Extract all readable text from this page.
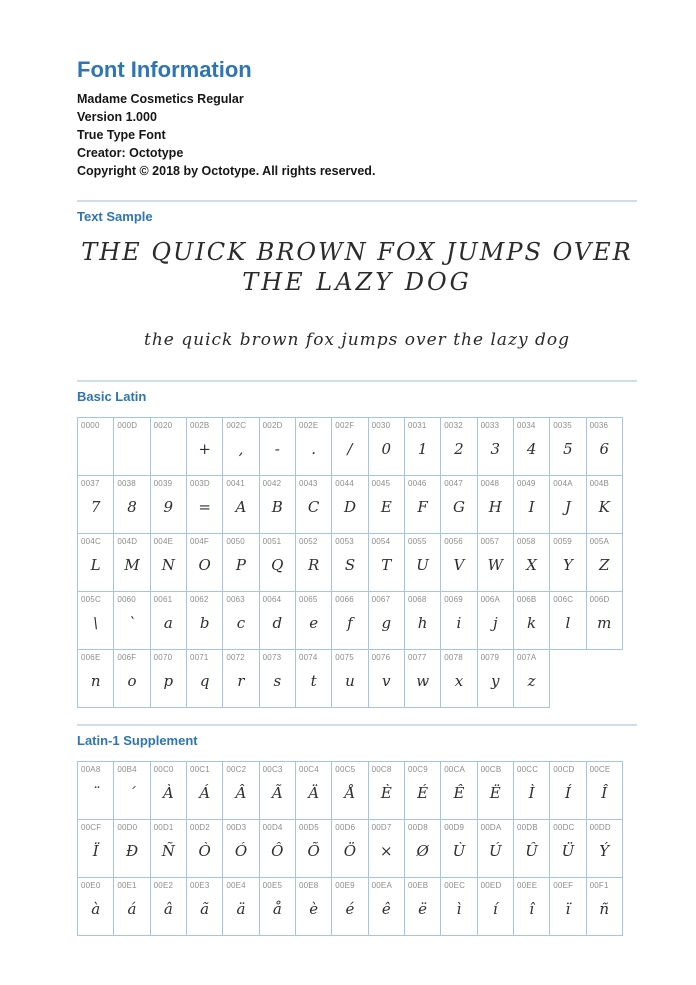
Font Information
Madame Cosmetics Regular
Version 1.000
True Type Font
Creator: Octotype
Copyright © 2018 by Octotype. All rights reserved.
Text Sample
THE QUICK BROWN FOX JUMPS OVER
THE LAZY DOG
the quick brown fox jumps over the lazy dog
Basic Latin
0000 000D 0020 002B
+
002C
,
002D
-
002E
.
002F
/
0030
0
0031
1
0032
2
0033
3
0034
4
0035
5
0036
6
0037
7
0038
8
0039
9
003D
=
0041
A
0042
B
0043
C
0044
D
0045
E
0046
F
0047
G
0048
H
0049
I
004A
J
004B
K
004C
L
004D
M
004E
N
004F
O
0050
P
0051
Q
0052
R
0053
S
0054
T
0055
U
0056
V
0057
W
0058
X
0059
Y
005A
Z
005C
\
0060
`
0061
a
0062
b
0063
c
0064
d
0065
e
0066
f
0067
g
0068
h
0069
i
006A
j
006B
k
006C
l
006D
m
006E
n
006F
o
0070
p
0071
q
0072
r
0073
s
0074
t
0075
u
0076
v
0077
w
0078
x
0079
y
007A
z
Latin-1 Supplement
00A8
¨
00B4
´
00C0
À
00C1
Á
00C2
Â
00C3
Ã
00C4
Ä
00C5
Å
00C8
È
00C9
É
00CA
Ê
00CB
Ë
00CC
Ì
00CD
Í
00CE
Î
00CF
Ï
00D0
Ð
00D1
Ñ
00D2
Ò
00D3
Ó
00D4
Ô
00D5
Õ
00D6
Ö
00D7
×
00D8
Ø
00D9
Ù
00DA
Ú
00DB
Û
00DC
Ü
00DD
Ý
00E0
à
00E1
á
00E2
â
00E3
ã
00E4
ä
00E5
å
00E8
è
00E9
é
00EA
ê
00EB
ë
00EC
ì
00ED
í
00EE
î
00EF
ï
00F1
ñ
